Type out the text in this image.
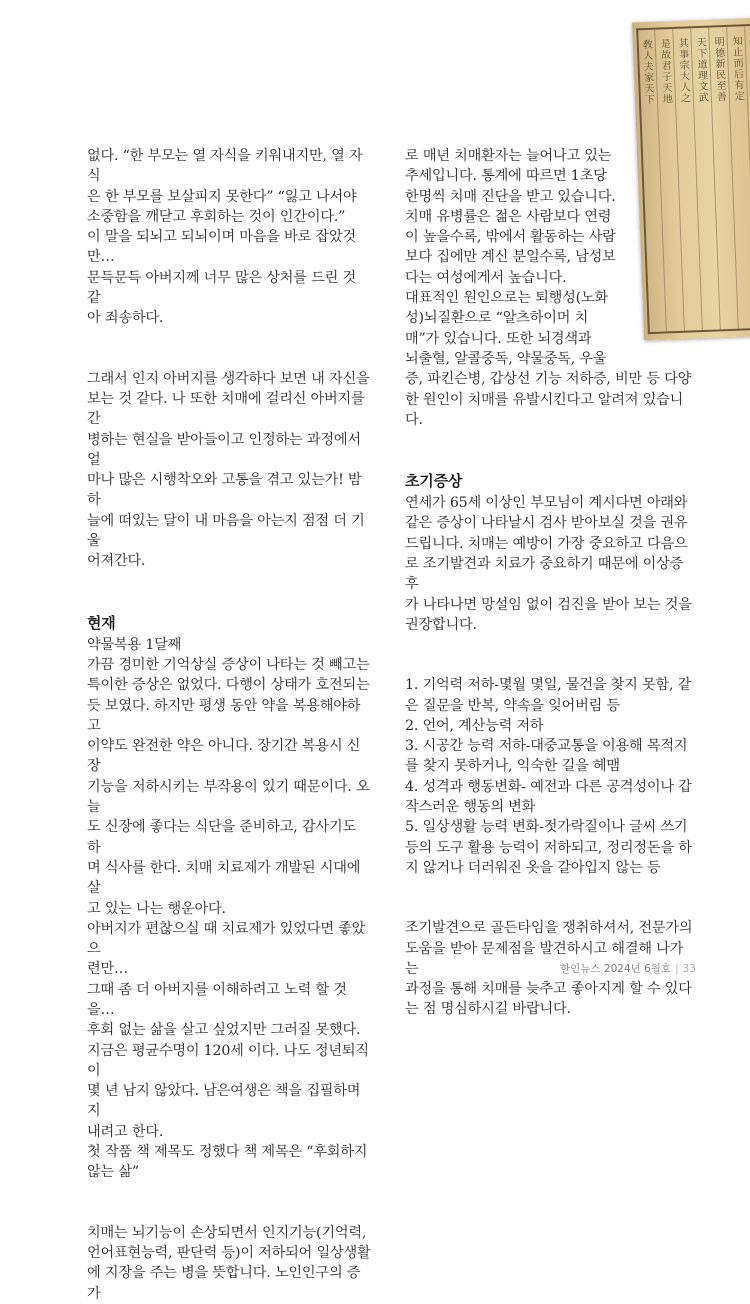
敎人夫家天下
是故君子天地
其事宗大人之
天下道理文武
明德新民至善
知止而后有定

없다. “한 부모는 열 자식을 키워내지만, 열 자식

은 한 부모를 보살피지 못한다” “잃고 나서야

소중함을 깨닫고 후회하는 것이 인간이다.”

이 말을 되뇌고 되뇌이며 마음을 바로 잡았것만…

문득문득 아버지께 너무 많은 상처를 드린 것 같

아 죄송하다.

그래서 인지 아버지를 생각하다 보면 내 자신을

보는 것 같다. 나 또한 치매에 걸리신 아버지를 간

병하는 현실을 받아들이고 인정하는 과정에서 얼

마나 많은 시행착오와 고통을 겪고 있는가! 밤하

늘에 떠있는 달이 내 마음을 아는지 점점 더 기울

어져간다.

현재

약물복용 1달째

가끔 경미한 기억상실 증상이 나타는 것 빼고는

특이한 증상은 없었다. 다행이 상태가 호전되는

듯 보였다. 하지만 평생 동안 약을 복용해야하고

이약도 완전한 약은 아니다. 장기간 복용시 신장

기능을 저하시키는 부작용이 있기 때문이다. 오늘

도 신장에 좋다는 식단을 준비하고, 감사기도 하

며 식사를 한다. 치매 치료제가 개발된 시대에 살

고 있는 나는 행운아다.

아버지가 편찮으실 때 치료제가 있었다면 좋았으

련만…

그때 좀 더 아버지를 이해하려고 노력 할 것을…

후회 없는 삶을 살고 싶었지만 그러질 못했다.

지금은 평균수명이 120세 이다. 나도 정년퇴직이

몇 년 남지 않았다. 남은여생은 책을 집필하며 지

내려고 한다.

첫 작품 책 제목도 정했다 책 제목은 “후회하지

않는 삶”

치매는 뇌기능이 손상되면서 인지기능(기억력,

언어표현능력, 판단력 등)이 저하되어 일상생활

에 지장을 주는 병을 뜻합니다. 노인인구의 증가

로 매년 치매환자는 늘어나고 있는

추세입니다. 통계에 따르면 1초당

한명씩 치매 진단을 받고 있습니다.

치매 유병률은 젊은 사람보다 연령

이 높을수록, 밖에서 활동하는 사람

보다 집에만 계신 분일수록, 남성보

다는 여성에게서 높습니다.

대표적인 원인으로는 퇴행성(노화

성)뇌질환으로 “알츠하이머 치

매”가 있습니다. 또한 뇌경색과

뇌출혈, 알콜중독, 약물중독, 우울

증, 파킨슨병, 갑상선 기능 저하증, 비만 등 다양

한 원인이 치매를 유발시킨다고 알려져 있습니다.

초기증상

연세가 65세 이상인 부모님이 계시다면 아래와

같은 증상이 나타날시 검사 받아보실 것을 권유

드립니다. 치매는 예방이 가장 중요하고 다음으

로 조기발견과 치료가 중요하기 때문에 이상증후

가 나타나면 망설임 없이 검진을 받아 보는 것을

권장합니다.

1. 기억력 저하-몇월 몇일, 물건을 찾지 못함, 같

은 질문을 반복, 약속을 잊어버림 등

2. 언어, 계산능력 저하

3. 시공간 능력 저하-대중교통을 이용해 목적지

를 찾지 못하거나, 익숙한 길을 헤맴

4. 성격과 행동변화- 예전과 다른 공격성이나 갑

작스러운 행동의 변화

5. 일상생활 능력 변화-젓가락질이나 글씨 쓰기

등의 도구 활용 능력이 저하되고, 정리정돈을 하

지 않거나 더러워진 옷을 갈아입지 않는 등

조기발견으로 골든타임을 쟁취하셔서, 전문가의

도움을 받아 문제점을 발견하시고 해결해 나가는

과정을 통해 치매를 늦추고 좋아지게 할 수 있다

는 점 명심하시길 바랍니다.

한인뉴스 2024년 6월호 | 33
